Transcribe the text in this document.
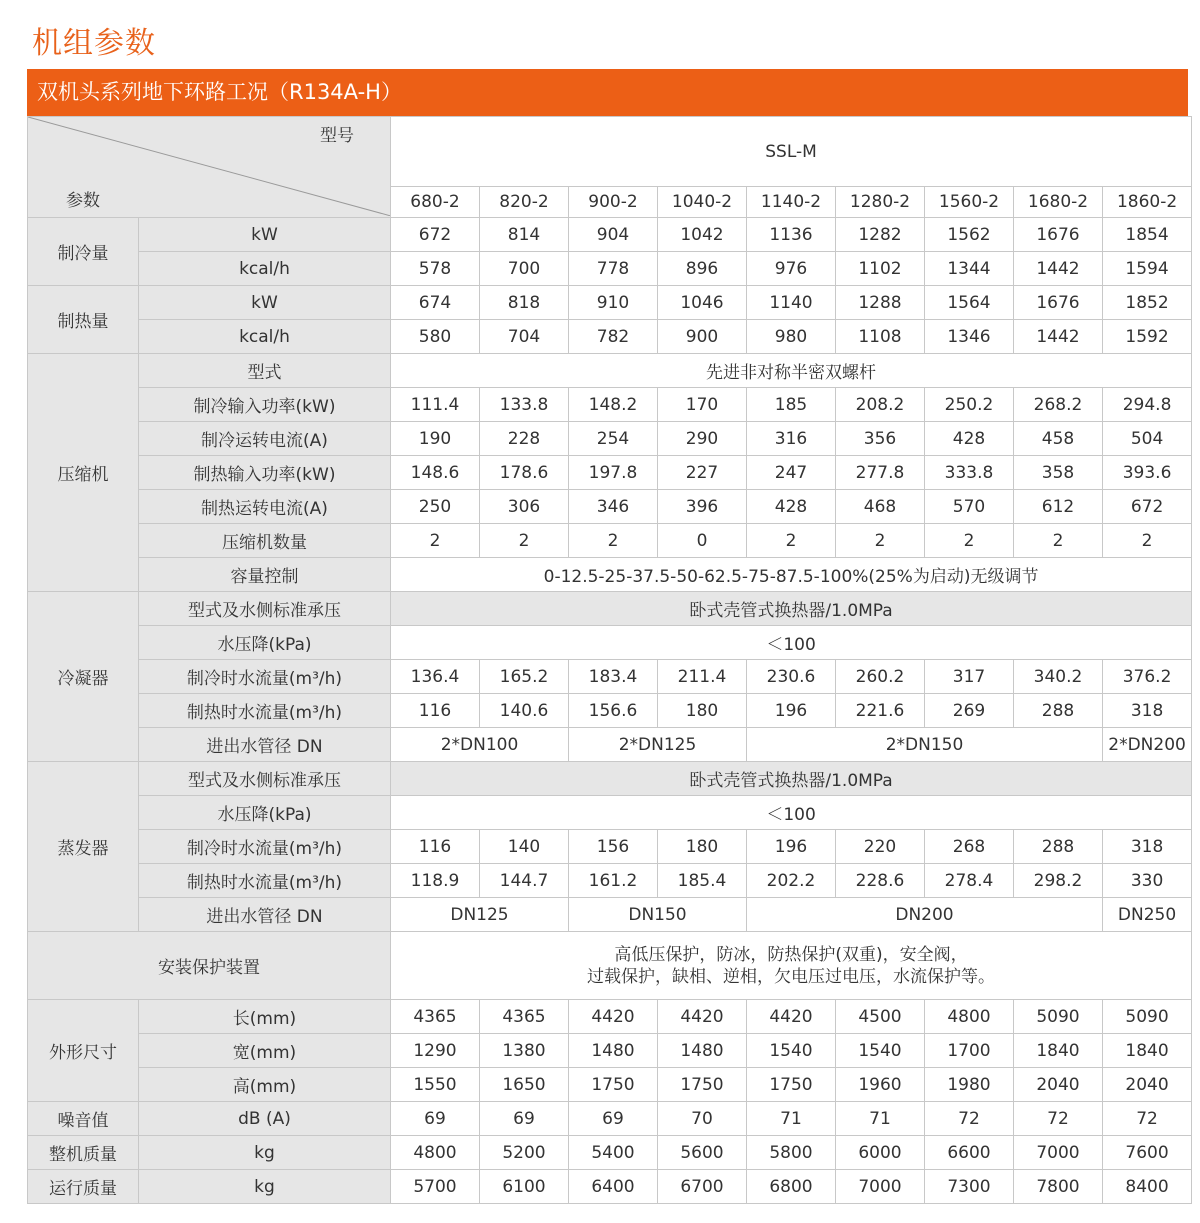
机组参数
双机头系列地下环路工况（R134A-H）
型号
参数		SSL-M								
		680-2	820-2	900-2	1040-2	1140-2	1280-2	1560-2	1680-2	1860-2
制冷量	kW	672	814	904	1042	1136	1282	1562	1676	1854
	kcal/h	578	700	778	896	976	1102	1344	1442	1594
制热量	kW	674	818	910	1046	1140	1288	1564	1676	1852
	kcal/h	580	704	782	900	980	1108	1346	1442	1592
压缩机	型式	先进非对称半密双螺杆								
	制冷输入功率(kW)	111.4	133.8	148.2	170	185	208.2	250.2	268.2	294.8
	制冷运转电流(A)	190	228	254	290	316	356	428	458	504
	制热输入功率(kW)	148.6	178.6	197.8	227	247	277.8	333.8	358	393.6
	制热运转电流(A)	250	306	346	396	428	468	570	612	672
	压缩机数量	2	2	2	0	2	2	2	2	2
	容量控制	0-12.5-25-37.5-50-62.5-75-87.5-100%(25%为启动)无级调节								
冷凝器	型式及水侧标准承压	卧式壳管式换热器/1.0MPa								
	水压降(kPa)	＜100								
	制冷时水流量(m³/h)	136.4	165.2	183.4	211.4	230.6	260.2	317	340.2	376.2
	制热时水流量(m³/h)	116	140.6	156.6	180	196	221.6	269	288	318
	进出水管径 DN	2*DN100		2*DN125		2*DN150				2*DN200
蒸发器	型式及水侧标准承压	卧式壳管式换热器/1.0MPa								
	水压降(kPa)	＜100								
	制冷时水流量(m³/h)	116	140	156	180	196	220	268	288	318
	制热时水流量(m³/h)	118.9	144.7	161.2	185.4	202.2	228.6	278.4	298.2	330
	进出水管径 DN	DN125		DN150		DN200				DN250
安装保护装置		高低压保护，防冰，防热保护(双重)，安全阀，
过载保护，缺相、逆相，欠电压过电压，水流保护等。								

外形尺寸	长(mm)	4365	4365	4420	4420	4420	4500	4800	5090	5090
	宽(mm)	1290	1380	1480	1480	1540	1540	1700	1840	1840
	高(mm)	1550	1650	1750	1750	1750	1960	1980	2040	2040
噪音值	dB (A)	69	69	69	70	71	71	72	72	72
整机质量	kg	4800	5200	5400	5600	5800	6000	6600	7000	7600
运行质量	kg	5700	6100	6400	6700	6800	7000	7300	7800	8400
